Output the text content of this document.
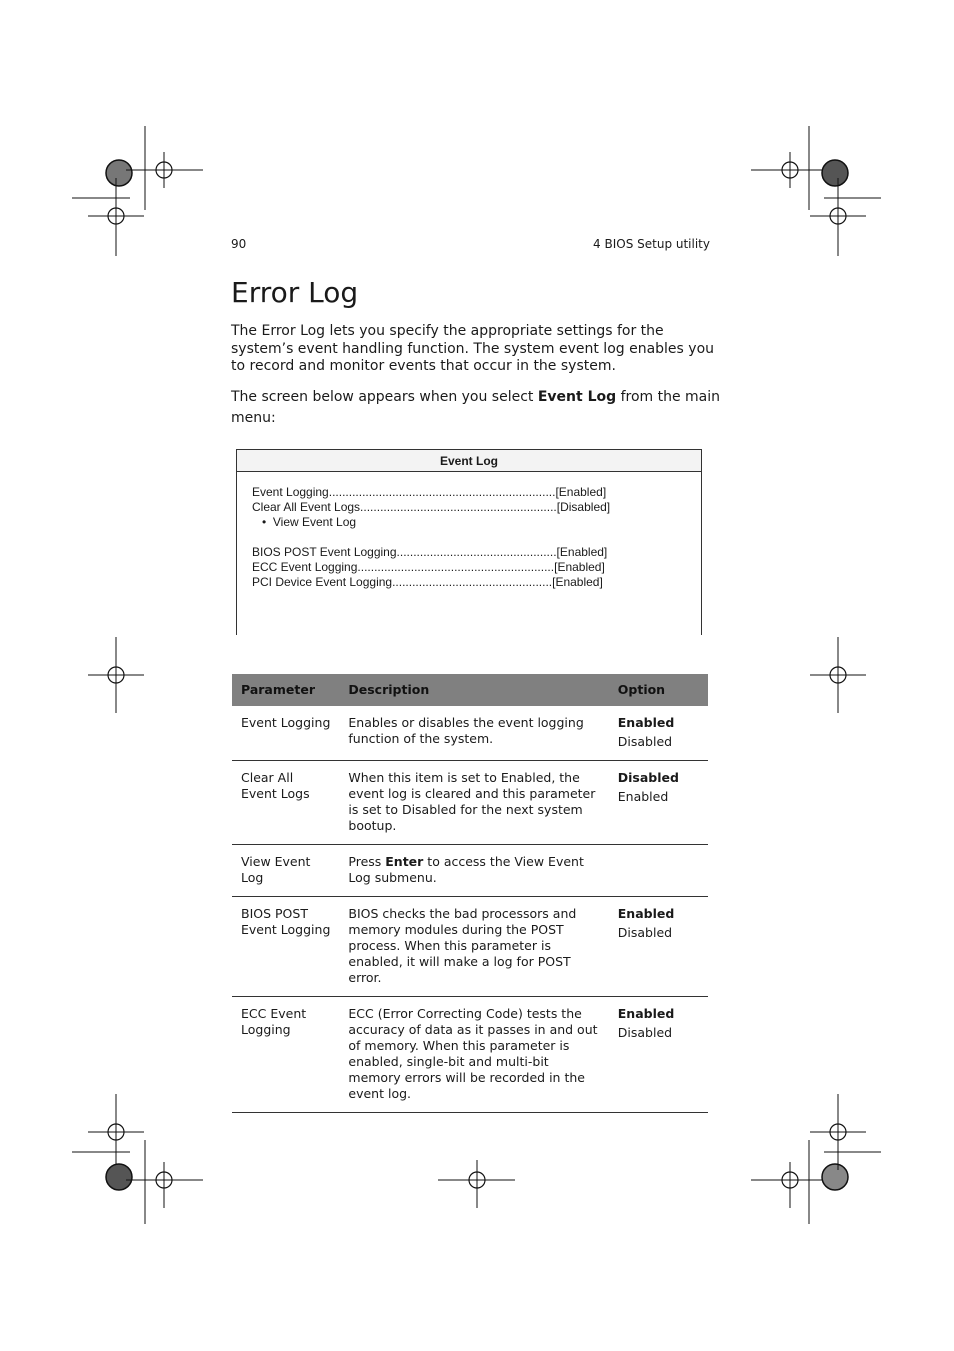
90	4 BIOS Setup utility
Error Log

The Error Log lets you specify the appropriate settings for the system’s event handling function. The system event log enables you to record and monitor events that occur in the system.

The screen below appears when you select Event Log from the main menu:

Event Log
Event Logging....................................................................[Enabled]
Clear All Event Logs...........................................................[Disabled]
•  View Event Log
BIOS POST Event Logging................................................[Enabled]
ECC Event Logging...........................................................[Enabled]
PCI Device Event Logging................................................[Enabled]
Parameter	Description	Option
Event Logging	Enables or disables the event logging function of the system.	Enabled
Disabled

Clear All Event Logs	When this item is set to Enabled, the event log is cleared and this parameter is set to Disabled for the next system bootup.	Disabled
Enabled

View Event Log	Press Enter to access the View Event Log submenu.	
BIOS POST Event Logging	BIOS checks the bad processors and memory modules during the POST process. When this parameter is enabled, it will make a log for POST error.	Enabled
Disabled

ECC Event Logging	ECC (Error Correcting Code) tests the accuracy of data as it passes in and out of memory. When this parameter is enabled, single-bit and multi-bit memory errors will be recorded in the event log.	Enabled
Disabled
